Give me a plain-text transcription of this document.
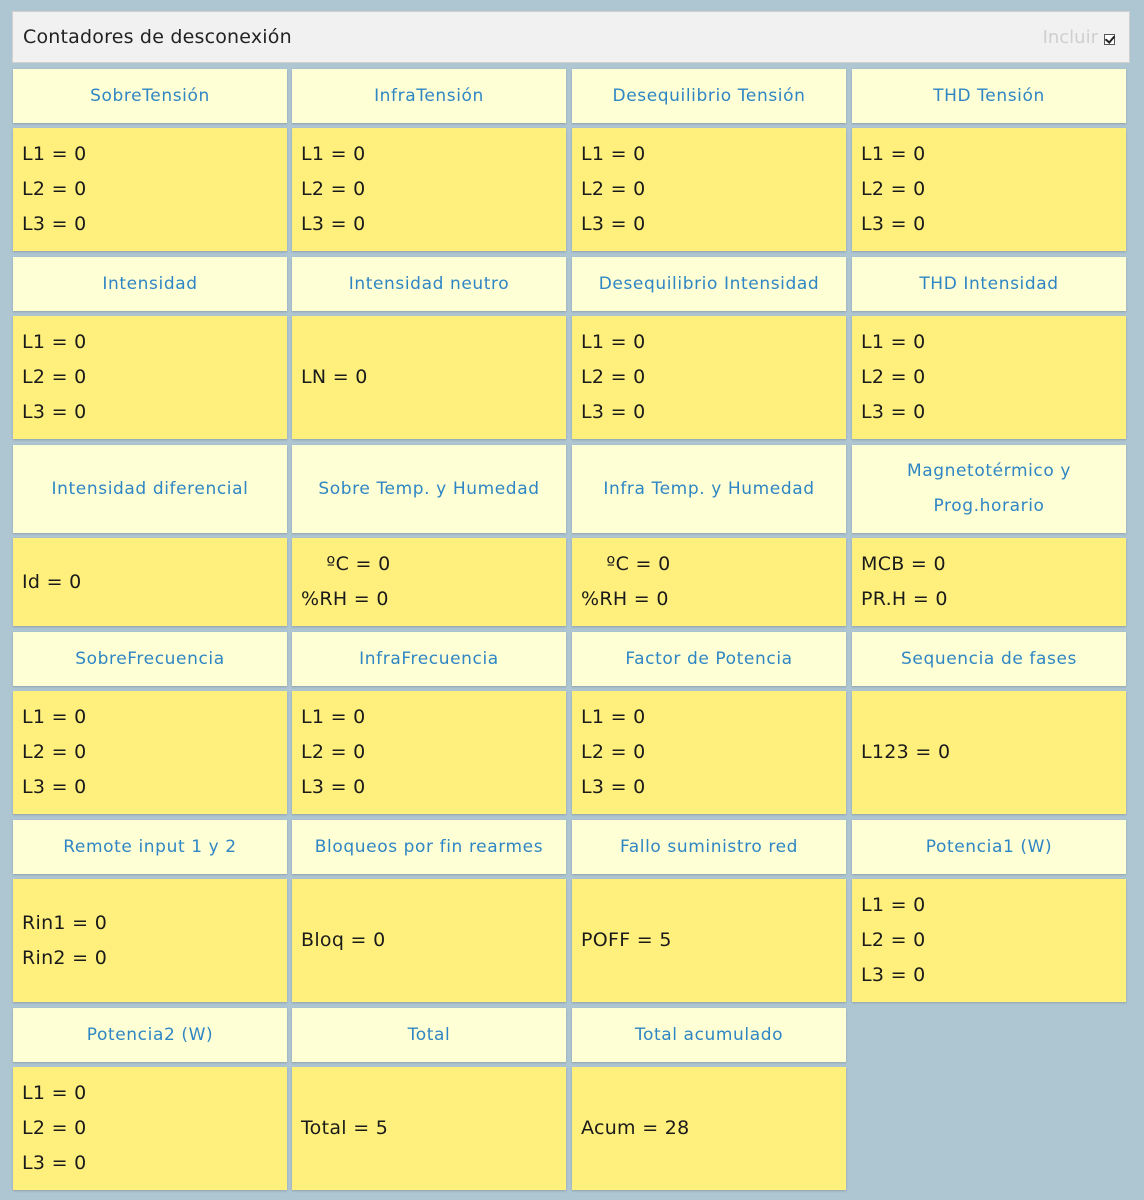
Contadores de desconexión	Incluir
SobreTensión
L1 = 0
L2 = 0
L3 = 0
InfraTensión
L1 = 0
L2 = 0
L3 = 0
Desequilibrio Tensión
L1 = 0
L2 = 0
L3 = 0
THD Tensión
L1 = 0
L2 = 0
L3 = 0
Intensidad
L1 = 0
L2 = 0
L3 = 0
Intensidad neutro
LN = 0
Desequilibrio Intensidad
L1 = 0
L2 = 0
L3 = 0
THD Intensidad
L1 = 0
L2 = 0
L3 = 0
Intensidad diferencial
Id = 0
Sobre Temp. y Humedad
ºC = 0
%RH = 0
Infra Temp. y Humedad
ºC = 0
%RH = 0
Magnetotérmico y
Prog.horario
MCB = 0
PR.H = 0
SobreFrecuencia
L1 = 0
L2 = 0
L3 = 0
InfraFrecuencia
L1 = 0
L2 = 0
L3 = 0
Factor de Potencia
L1 = 0
L2 = 0
L3 = 0
Sequencia de fases
L123 = 0
Remote input 1 y 2
Rin1 = 0
Rin2 = 0
Bloqueos por fin rearmes
Bloq = 0
Fallo suministro red
POFF = 5
Potencia1 (W)
L1 = 0
L2 = 0
L3 = 0
Potencia2 (W)
L1 = 0
L2 = 0
L3 = 0
Total
Total = 5
Total acumulado
Acum = 28
